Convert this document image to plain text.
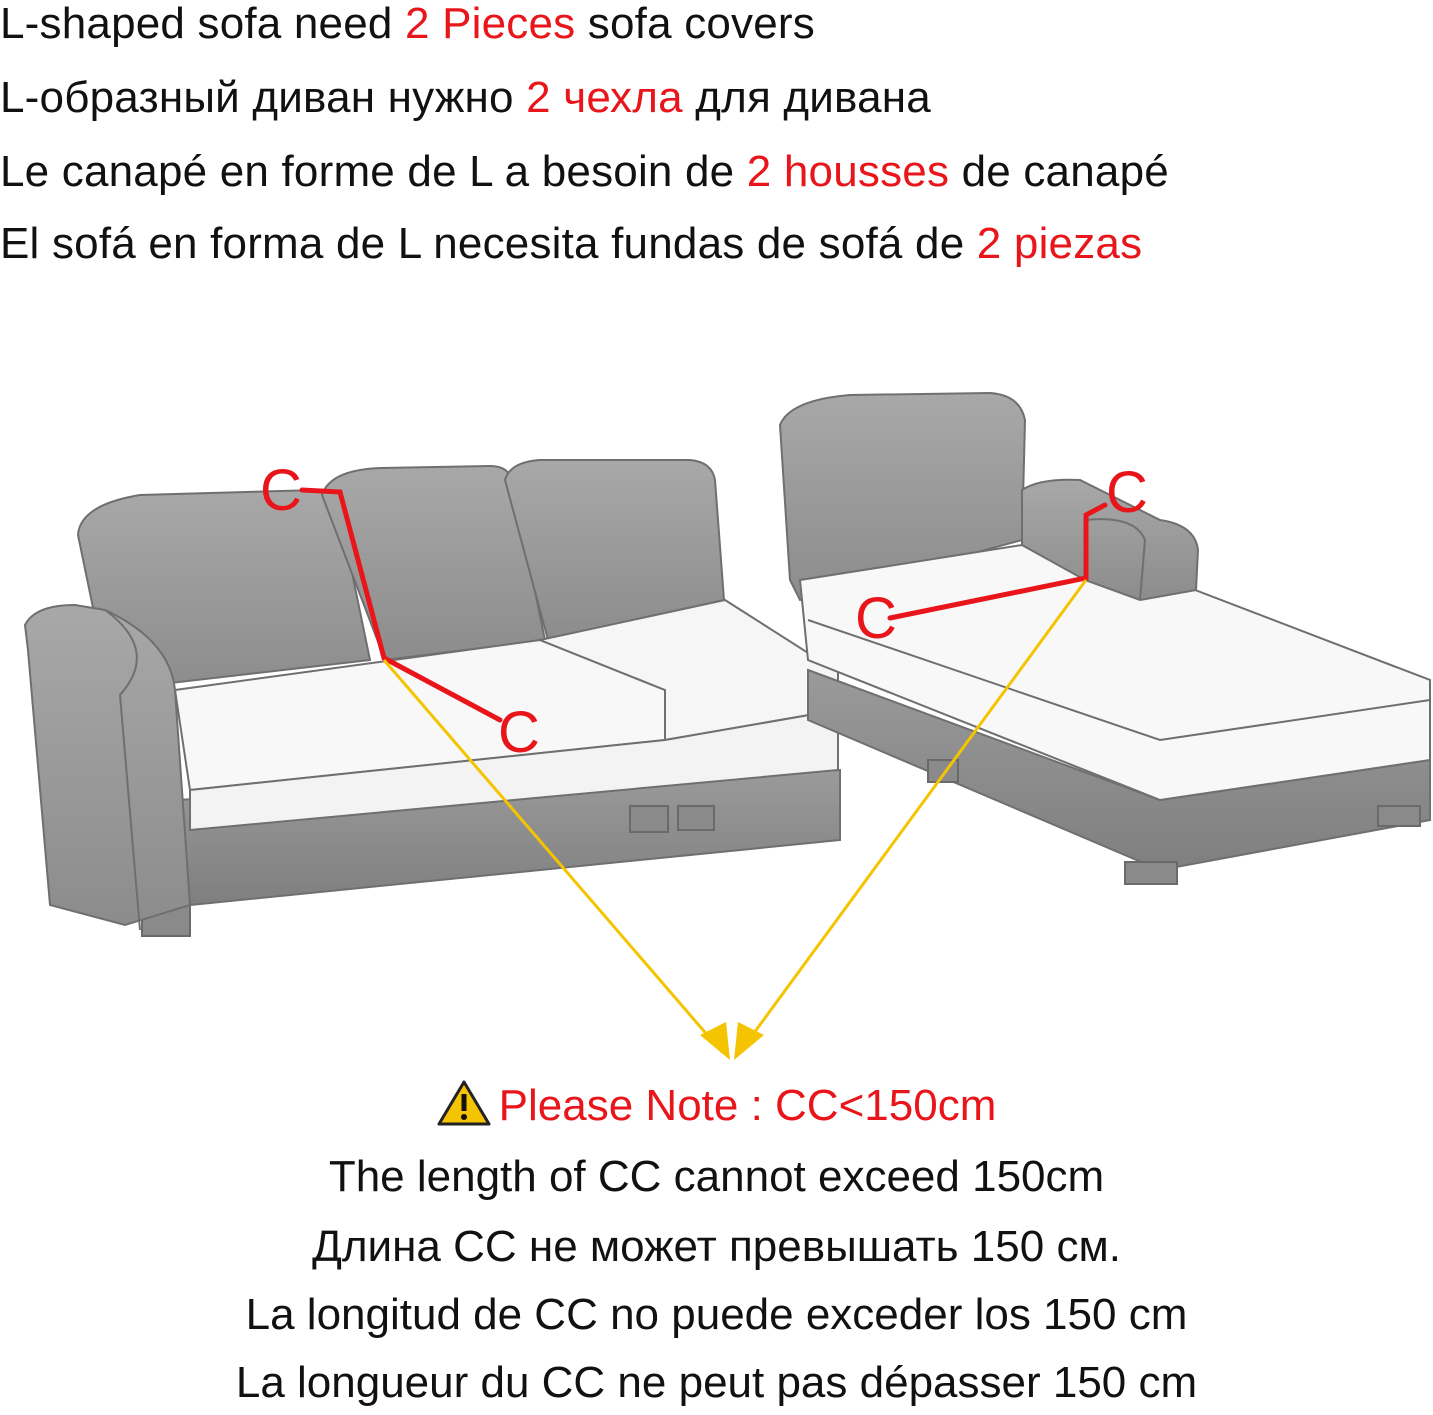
L-shaped sofa need 2 Pieces sofa covers
L-образный диван нужно 2 чехла для дивана
Le canapé en forme de L a besoin de 2 housses de canapé
El sofá en forma de L necesita fundas de sofá de 2 piezas
C
C
C
C
Please Note : CC<150cm
The length of CC cannot exceed 150cm
Длина СС не может превышать 150 см.
La longitud de CC no puede exceder los 150 cm
La longueur du CC ne peut pas dépasser 150 cm
